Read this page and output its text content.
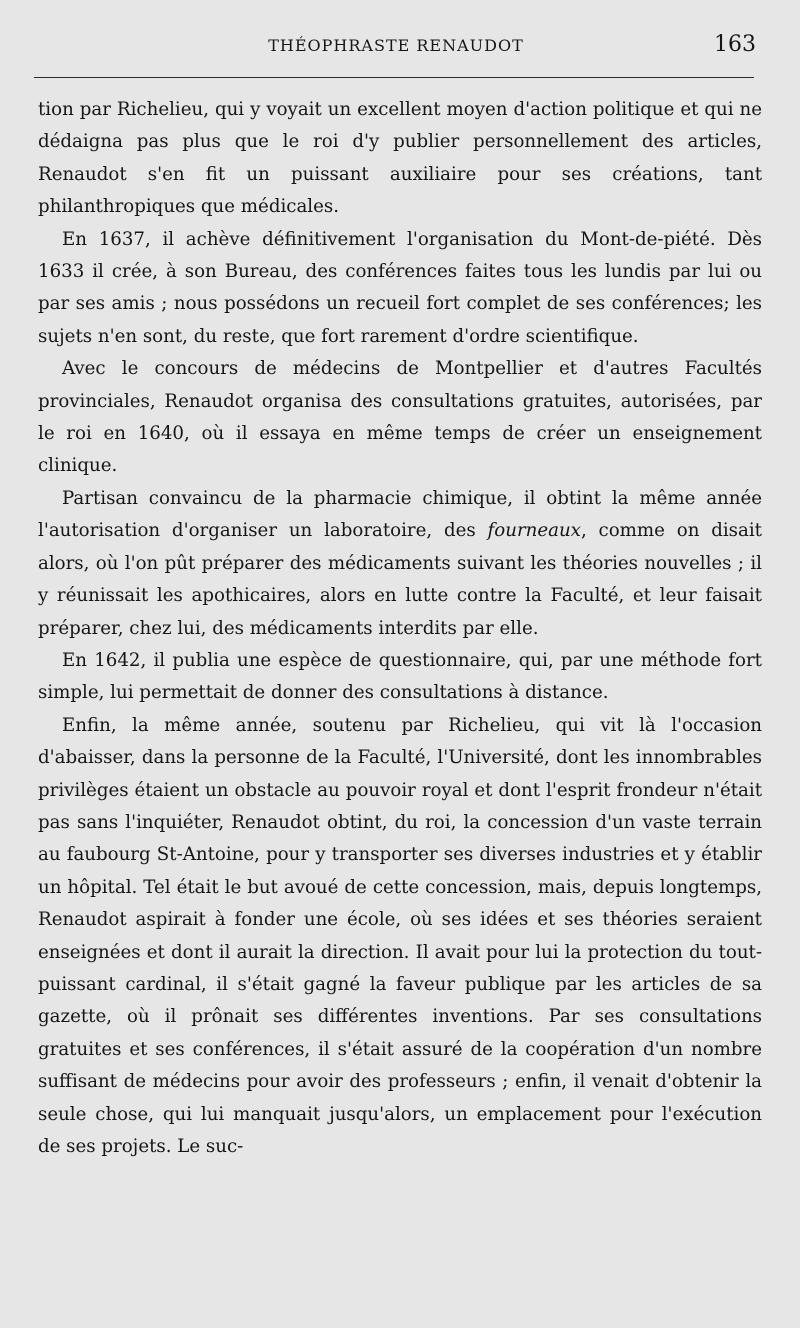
THÉOPHRASTE RENAUDOT	163

tion par Richelieu, qui y voyait un excellent moyen d'action politique et qui ne dédaigna pas plus que le roi d'y publier personnellement des articles, Renaudot s'en fit un puissant auxiliaire pour ses créations, tant philanthropiques que médicales.

En 1637, il achève définitivement l'organisation du Mont-de-piété. Dès 1633 il crée, à son Bureau, des conférences faites tous les lundis par lui ou par ses amis ; nous possédons un recueil fort complet de ses conférences; les sujets n'en sont, du reste, que fort rarement d'ordre scientifique.

Avec le concours de médecins de Montpellier et d'autres Facultés provinciales, Renaudot organisa des consultations gratuites, autorisées, par le roi en 1640, où il essaya en même temps de créer un enseignement clinique.

Partisan convaincu de la pharmacie chimique, il obtint la même année l'autorisation d'organiser un laboratoire, des fourneaux, comme on disait alors, où l'on pût préparer des médicaments suivant les théories nouvelles ; il y réunissait les apothicaires, alors en lutte contre la Faculté, et leur faisait préparer, chez lui, des médicaments interdits par elle.

En 1642, il publia une espèce de questionnaire, qui, par une méthode fort simple, lui permettait de donner des consultations à distance.

Enfin, la même année, soutenu par Richelieu, qui vit là l'occasion d'abaisser, dans la personne de la Faculté, l'Université, dont les innombrables privilèges étaient un obstacle au pouvoir royal et dont l'esprit frondeur n'était pas sans l'inquiéter, Renaudot obtint, du roi, la concession d'un vaste terrain au faubourg St-Antoine, pour y transporter ses diverses industries et y établir un hôpital. Tel était le but avoué de cette concession, mais, depuis longtemps, Renaudot aspirait à fonder une école, où ses idées et ses théories seraient enseignées et dont il aurait la direction. Il avait pour lui la protection du tout-puissant cardinal, il s'était gagné la faveur publique par les articles de sa gazette, où il prônait ses différentes inventions. Par ses consultations gratuites et ses conférences, il s'était assuré de la coopération d'un nombre suffisant de médecins pour avoir des professeurs ; enfin, il venait d'obtenir la seule chose, qui lui manquait jusqu'alors, un emplacement pour l'exécution de ses projets. Le suc-
